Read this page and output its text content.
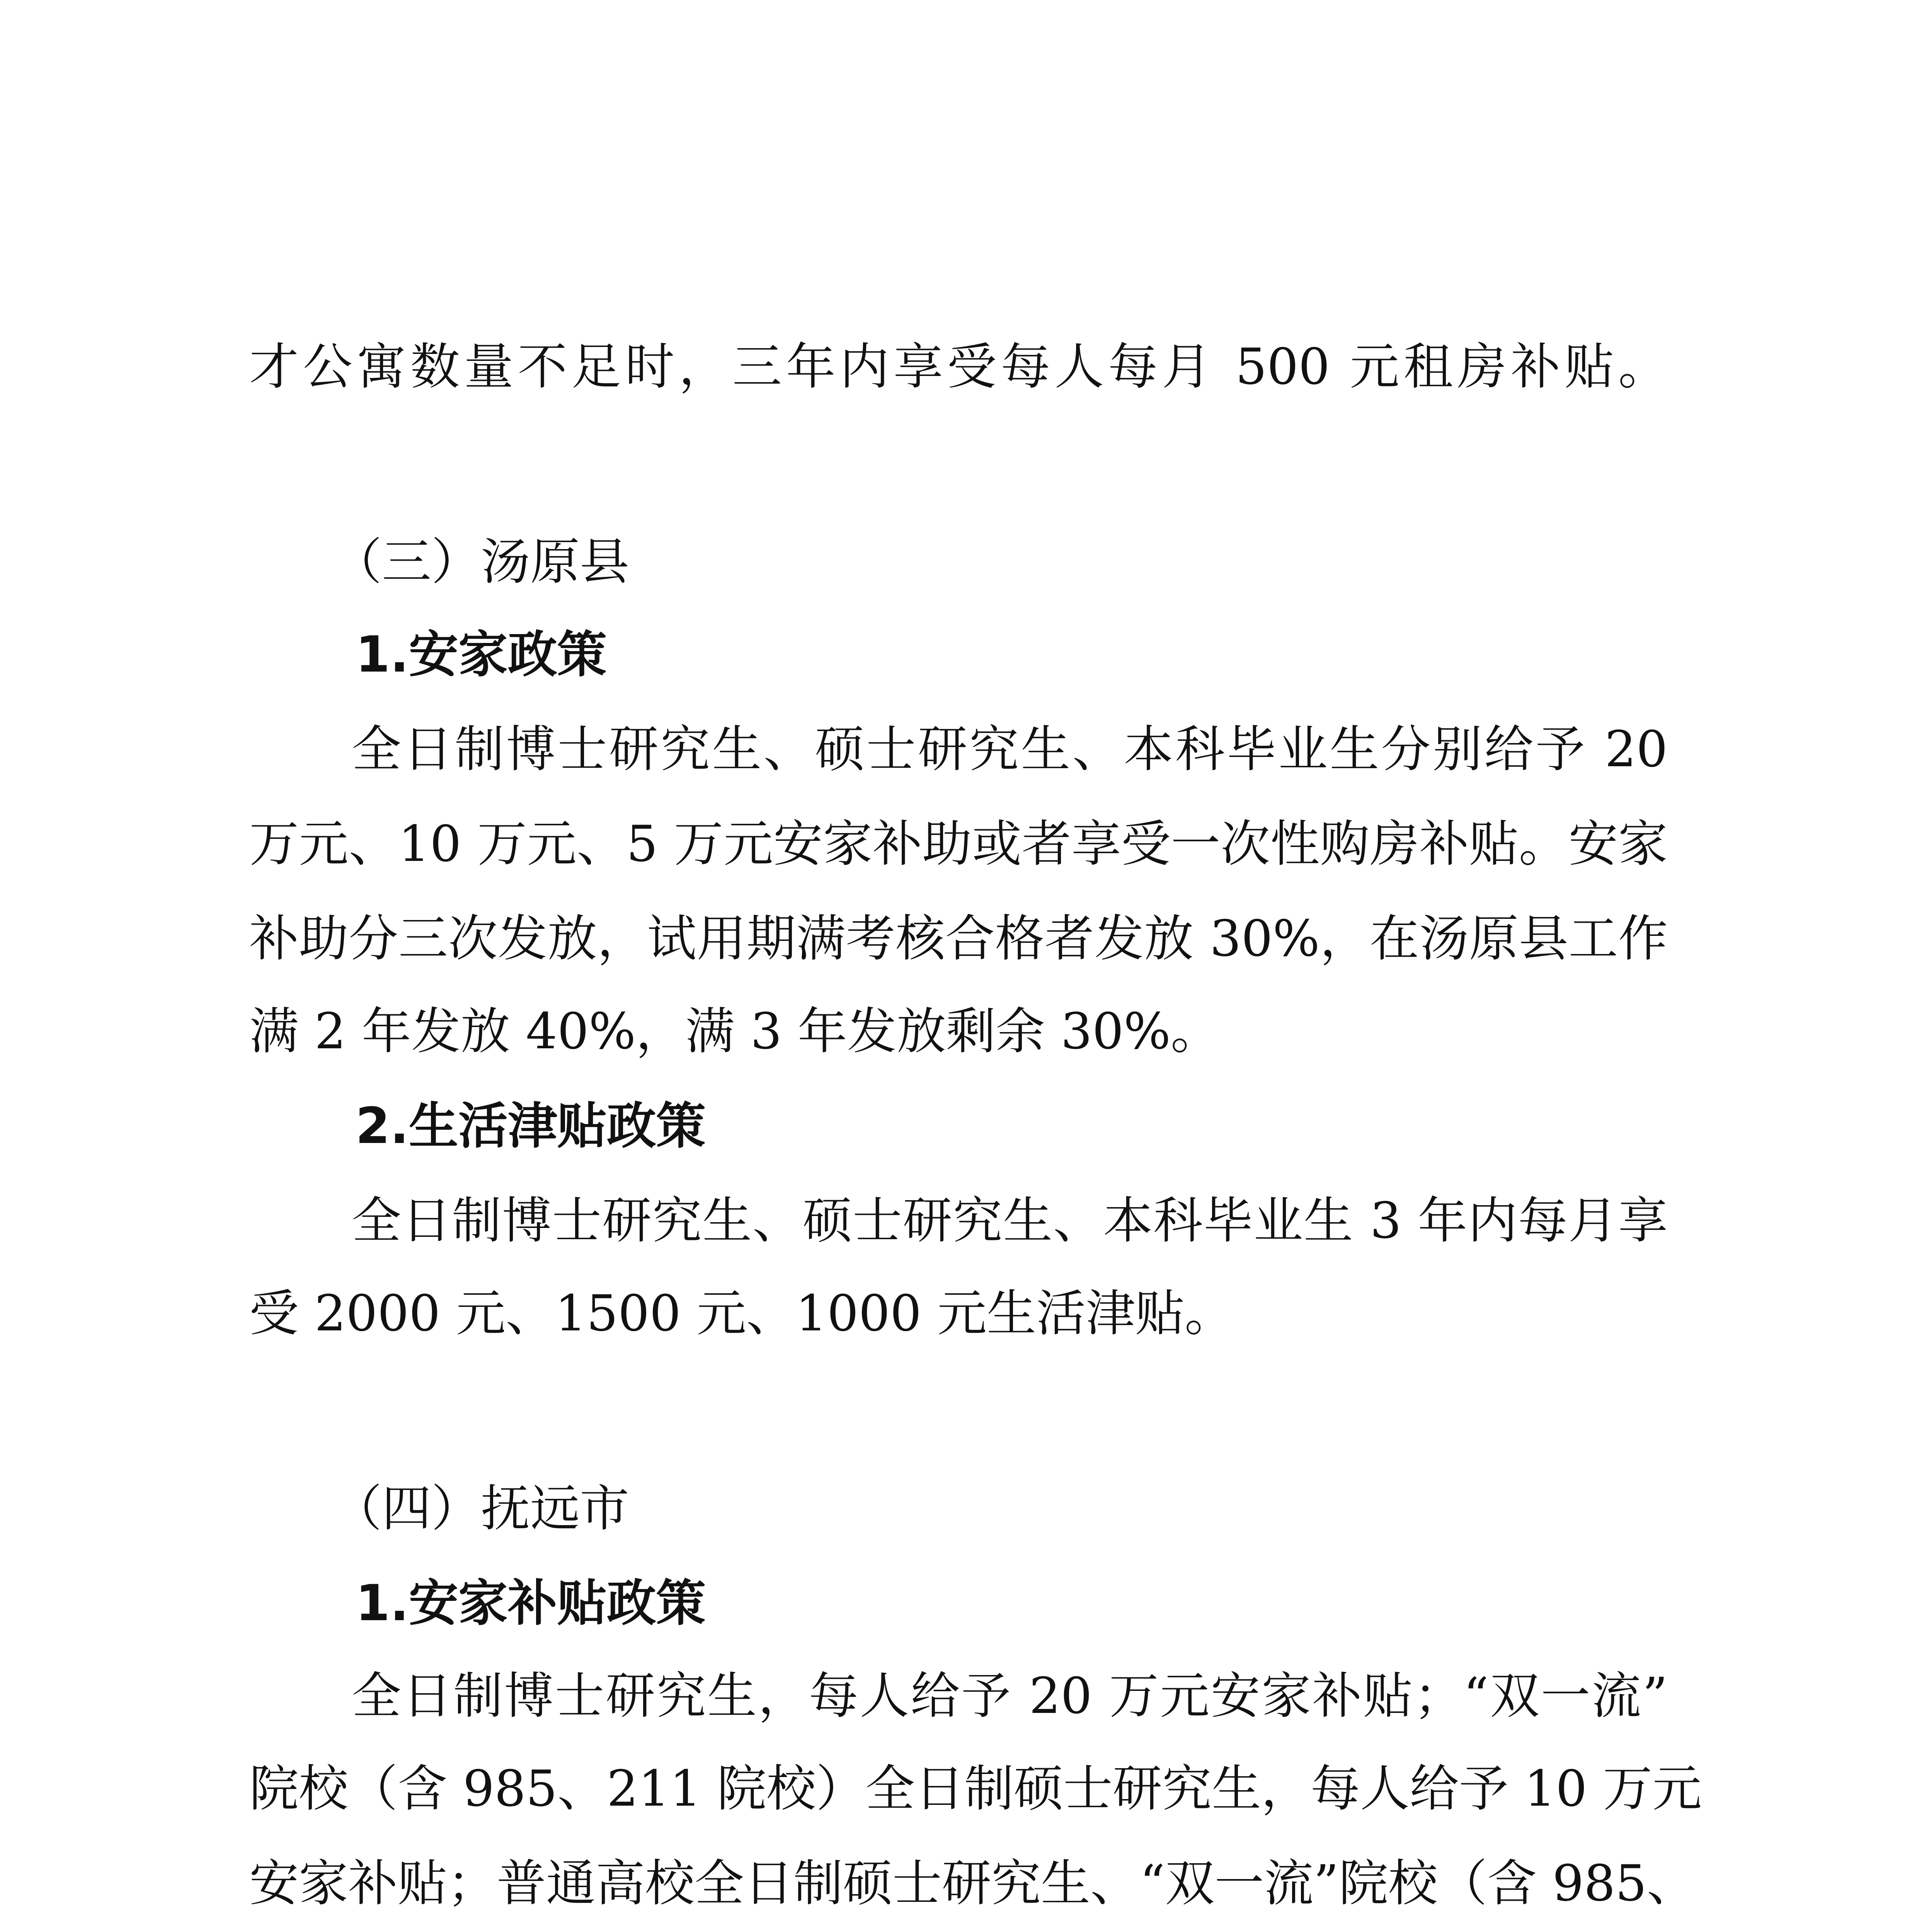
才公寓数量不足时，三年内享受每人每月 500 元租房补贴。

（三）汤原县

1.安家政策

全日制博士研究生、硕士研究生、本科毕业生分别给予 20

万元、10 万元、5 万元安家补助或者享受一次性购房补贴。安家

补助分三次发放，试用期满考核合格者发放 30%，在汤原县工作

满 2 年发放 40%，满 3 年发放剩余 30%。

2.生活津贴政策

全日制博士研究生、硕士研究生、本科毕业生 3 年内每月享

受 2000 元、1500 元、1000 元生活津贴。

（四）抚远市

1.安家补贴政策

全日制博士研究生，每人给予 20 万元安家补贴；“双一流”

院校（含 985、211 院校）全日制硕士研究生，每人给予 10 万元

安家补贴；普通高校全日制硕士研究生、“双一流”院校（含 985、
